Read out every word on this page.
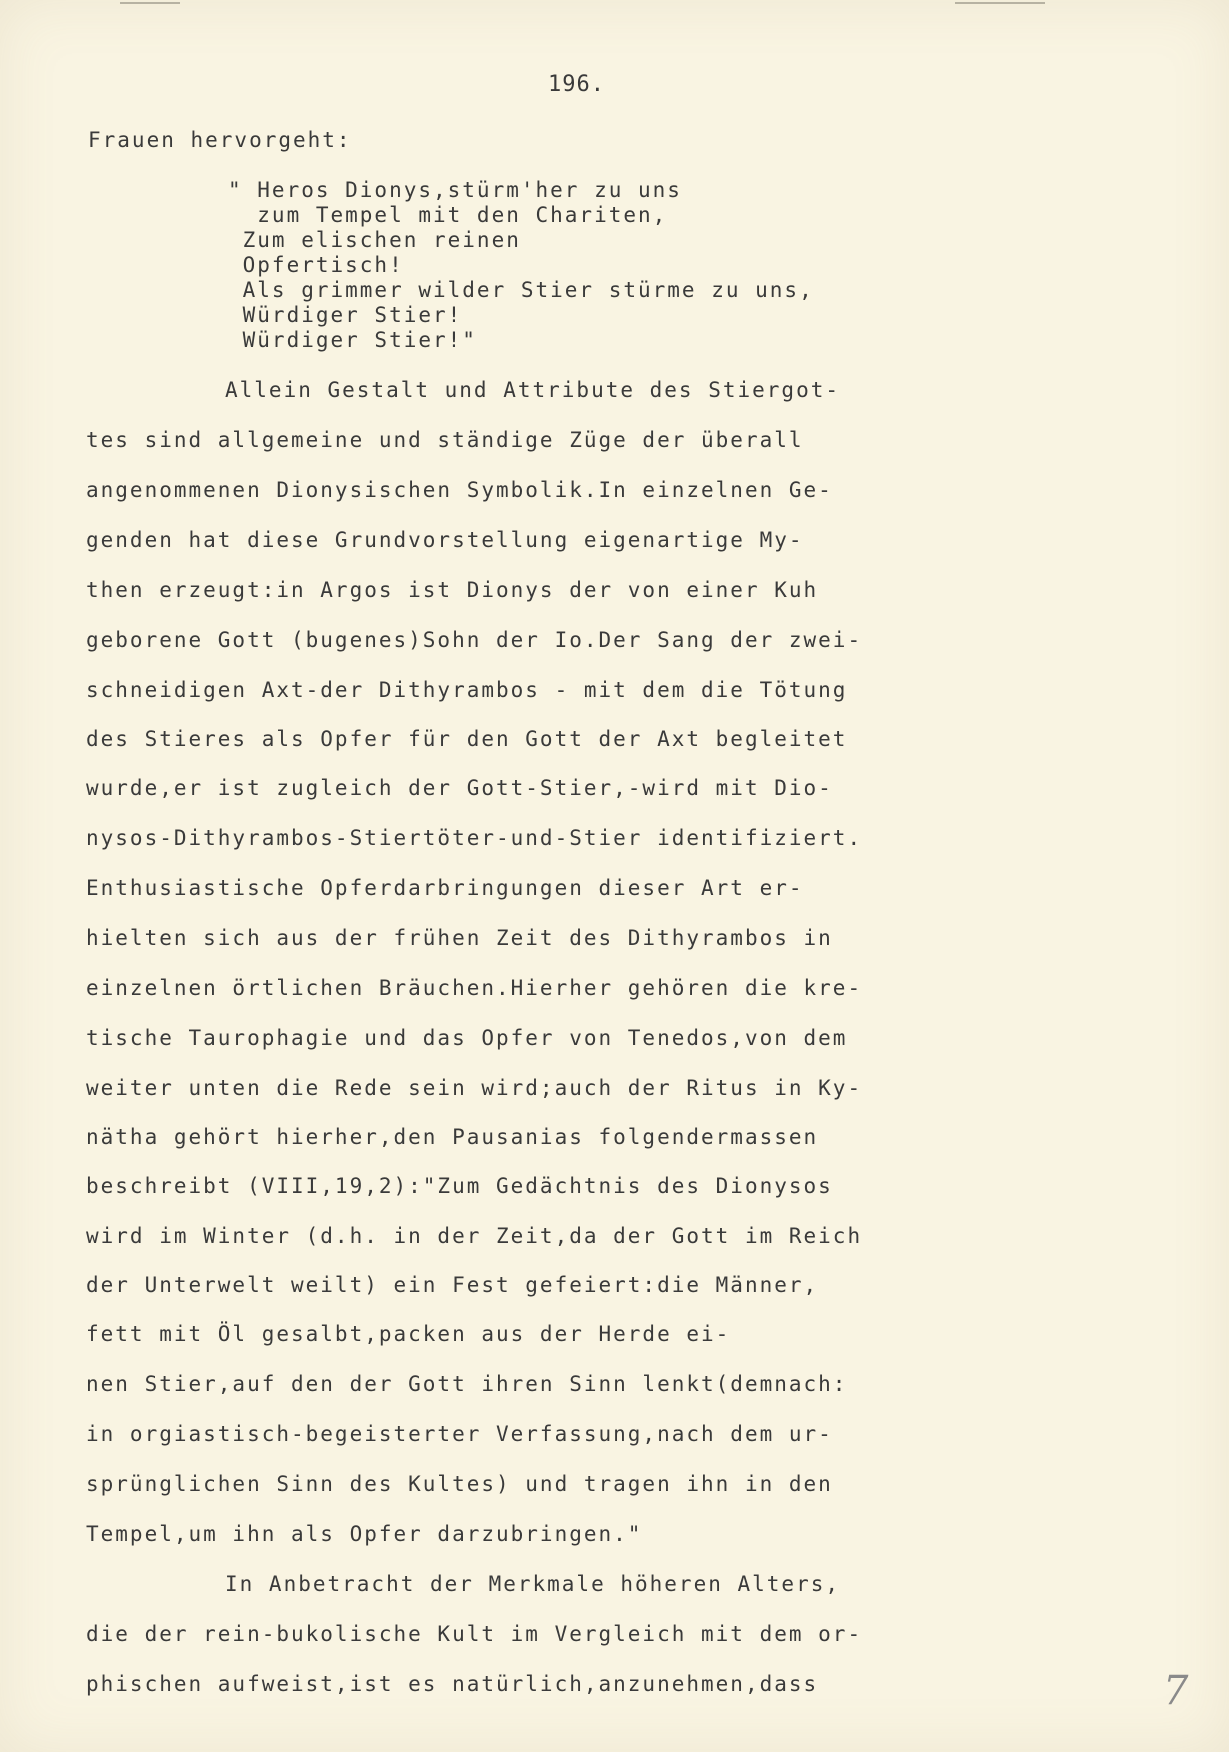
196.

Frauen hervorgeht:

" Heros Dionys,stürm'her zu uns

zum Tempel mit den Chariten,

Zum elischen reinen

Opfertisch!

Als grimmer wilder Stier stürme zu uns,

Würdiger Stier!

Würdiger Stier!"

Allein Gestalt und Attribute des Stiergot-

tes sind allgemeine und ständige Züge der überall

angenommenen Dionysischen Symbolik.In einzelnen Ge-

genden hat diese Grundvorstellung eigenartige My-

then erzeugt:in Argos ist Dionys der von einer Kuh

geborene Gott (bugenes)Sohn der Io.Der Sang der zwei-

schneidigen Axt-der Dithyrambos - mit dem die Tötung

des Stieres als Opfer für den Gott der Axt begleitet

wurde,er ist zugleich der Gott-Stier,-wird mit Dio-

nysos-Dithyrambos-Stiertöter-und-Stier identifiziert.

Enthusiastische Opferdarbringungen dieser Art er-

hielten sich aus der frühen Zeit des Dithyrambos in

einzelnen örtlichen Bräuchen.Hierher gehören die kre-

tische Taurophagie und das Opfer von Tenedos,von dem

weiter unten die Rede sein wird;auch der Ritus in Ky-

nätha gehört hierher,den Pausanias folgendermassen

beschreibt (VIII,19,2):"Zum Gedächtnis des Dionysos

wird im Winter (d.h. in der Zeit,da der Gott im Reich

der Unterwelt weilt) ein Fest gefeiert:die Männer,

fett mit Öl gesalbt,packen aus der Herde ei-

nen Stier,auf den der Gott ihren Sinn lenkt(demnach:

in orgiastisch-begeisterter Verfassung,nach dem ur-

sprünglichen Sinn des Kultes) und tragen ihn in den

Tempel,um ihn als Opfer darzubringen."

In Anbetracht der Merkmale höheren Alters,

die der rein-bukolische Kult im Vergleich mit dem or-

phischen aufweist,ist es natürlich,anzunehmen,dass	7
